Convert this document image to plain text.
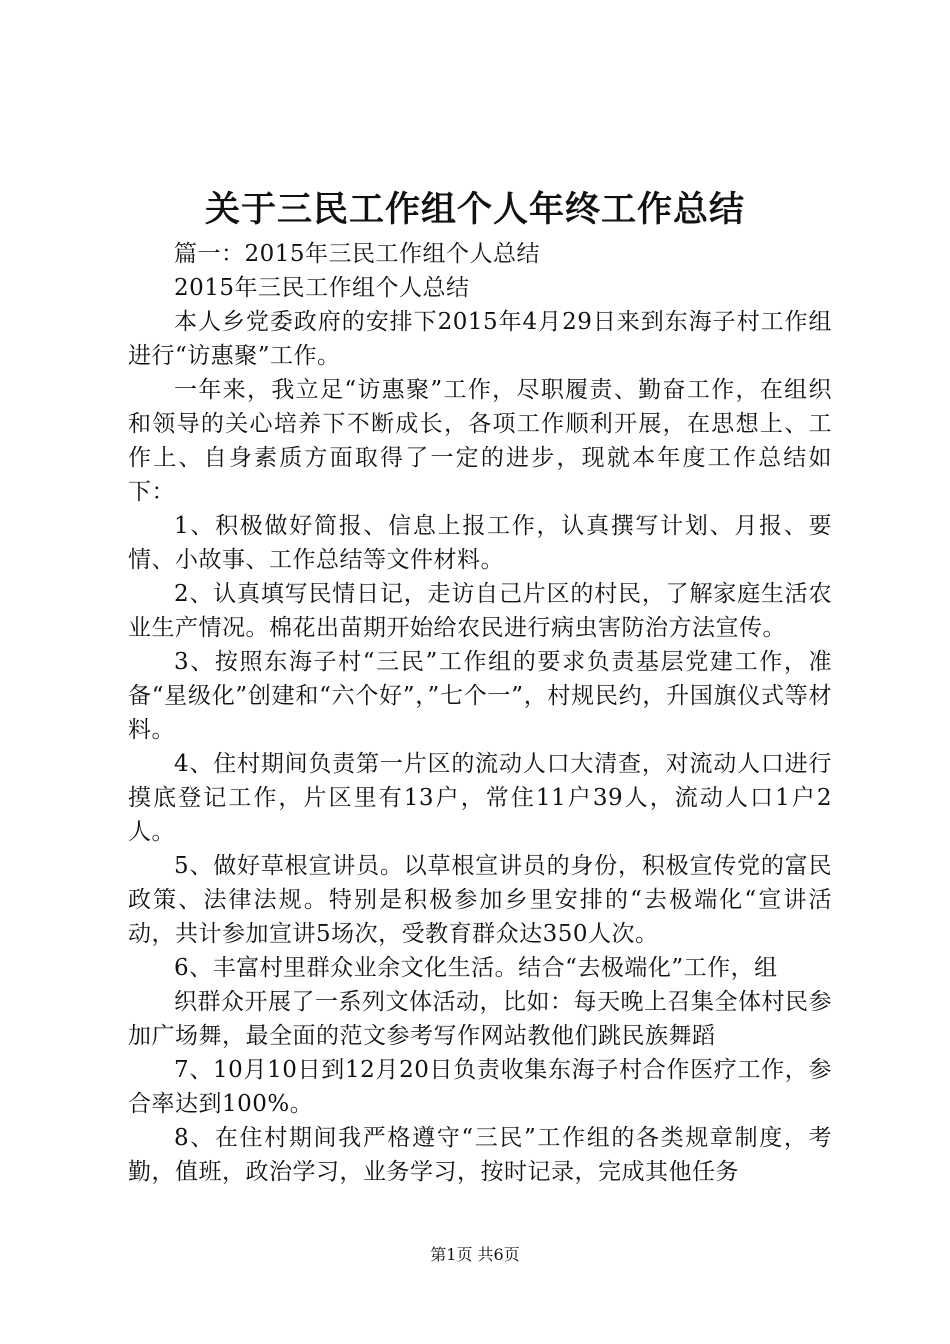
关于三民工作组个人年终工作总结

篇一：2015年三民工作组个人总结

2015年三民工作组个人总结

本人乡党委政府的安排下2015年4月29日来到东海子村工作组进行“访惠聚”工作。

一年来，我立足“访惠聚”工作，尽职履责、勤奋工作，在组织和领导的关心培养下不断成长，各项工作顺利开展，在思想上、工作上、自身素质方面取得了一定的进步，现就本年度工作总结如下：

1、积极做好简报、信息上报工作，认真撰写计划、月报、要情、小故事、工作总结等文件材料。

2、认真填写民情日记，走访自己片区的村民，了解家庭生活农业生产情况。棉花出苗期开始给农民进行病虫害防治方法宣传。

3、按照东海子村“三民”工作组的要求负责基层党建工作，准备“星级化”创建和“六个好”，”七个一”，村规民约，升国旗仪式等材料。

4、住村期间负责第一片区的流动人口大清查，对流动人口进行摸底登记工作，片区里有13户，常住11户39人，流动人口1户2人。

5、做好草根宣讲员。以草根宣讲员的身份，积极宣传党的富民政策、法律法规。特别是积极参加乡里安排的“去极端化“宣讲活动，共计参加宣讲5场次，受教育群众达350人次。

6、丰富村里群众业余文化生活。结合“去极端化”工作，组

织群众开展了一系列文体活动，比如：每天晚上召集全体村民参加广场舞，最全面的范文参考写作网站教他们跳民族舞蹈

7、10月10日到12月20日负责收集东海子村合作医疗工作，参合率达到100%。

8、在住村期间我严格遵守“三民”工作组的各类规章制度，考勤，值班，政治学习，业务学习，按时记录，完成其他任务

第1页 共6页
